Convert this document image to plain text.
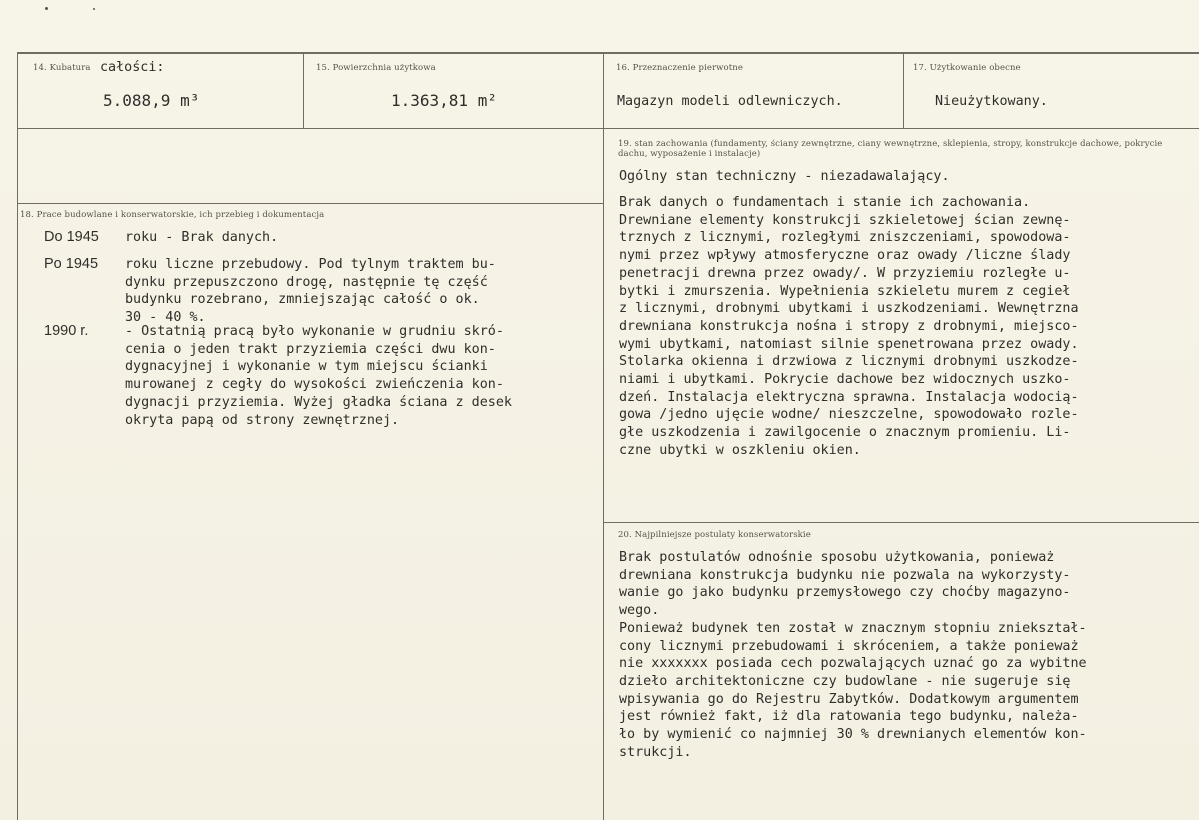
14. Kubatura całości:
5.088,9 m³
15. Powierzchnia użytkowa
1.363,81 m²
16. Przeznaczenie pierwotne
Magazyn modeli odlewniczych.
17. Użytkowanie obecne
Nieużytkowany.
19. stan zachowania (fundamenty, ściany zewnętrzne, ciany wewnętrzne, sklepienia, stropy, konstrukcje dachowe, pokrycie dachu, wyposażenie i instalacje)
Ogólny stan techniczny - niezadawalający.
Brak danych o fundamentach i stanie ich zachowania.
Drewniane elementy konstrukcji szkieletowej ścian zewnę-
trznych z licznymi, rozległymi zniszczeniami, spowodowa-
nymi przez wpływy atmosferyczne oraz owady /liczne ślady
penetracji drewna przez owady/. W przyziemiu rozległe u-
bytki i zmurszenia. Wypełnienia szkieletu murem z cegieł
z licznymi, drobnymi ubytkami i uszkodzeniami. Wewnętrzna
drewniana konstrukcja nośna i stropy z drobnymi, miejsco-
wymi ubytkami, natomiast silnie spenetrowana przez owady.
Stolarka okienna i drzwiowa z licznymi drobnymi uszkodze-
niami i ubytkami. Pokrycie dachowe bez widocznych uszko-
dzeń. Instalacja elektryczna sprawna. Instalacja wodocią-
gowa /jedno ujęcie wodne/ nieszczelne, spowodowało rozle-
głe uszkodzenia i zawilgocenie o znacznym promieniu. Li-
czne ubytki w oszkleniu okien.
18. Prace budowlane i konserwatorskie, ich przebieg i dokumentacja
Do 1945 roku - Brak danych.
Po 1945 roku liczne przebudowy. Pod tylnym traktem bu-
dynku przepuszczono drogę, następnie tę część
budynku rozebrano, zmniejszając całość o ok.
30 - 40 %.
1990 r.	- Ostatnią pracą było wykonanie w grudniu skró-
cenia o jeden trakt przyziemia części dwu kon-
dygnacyjnej i wykonanie w tym miejscu ścianki
murowanej z cegły do wysokości zwieńczenia kon-
dygnacji przyziemia. Wyżej gładka ściana z desek
okryta papą od strony zewnętrznej.
20. Najpilniejsze postulaty konserwatorskie
Brak postulatów odnośnie sposobu użytkowania, ponieważ
drewniana konstrukcja budynku nie pozwala na wykorzysty-
wanie go jako budynku przemysłowego czy choćby magazyno-
wego.
Ponieważ budynek ten został w znacznym stopniu zniekształ-
cony licznymi przebudowami i skróceniem, a także ponieważ
nie xxxxxxx posiada cech pozwalających uznać go za wybitne
dzieło architektoniczne czy budowlane - nie sugeruje się
wpisywania go do Rejestru Zabytków. Dodatkowym argumentem
jest również fakt, iż dla ratowania tego budynku, należa-
ło by wymienić co najmniej 30 % drewnianych elementów kon-
strukcji.
